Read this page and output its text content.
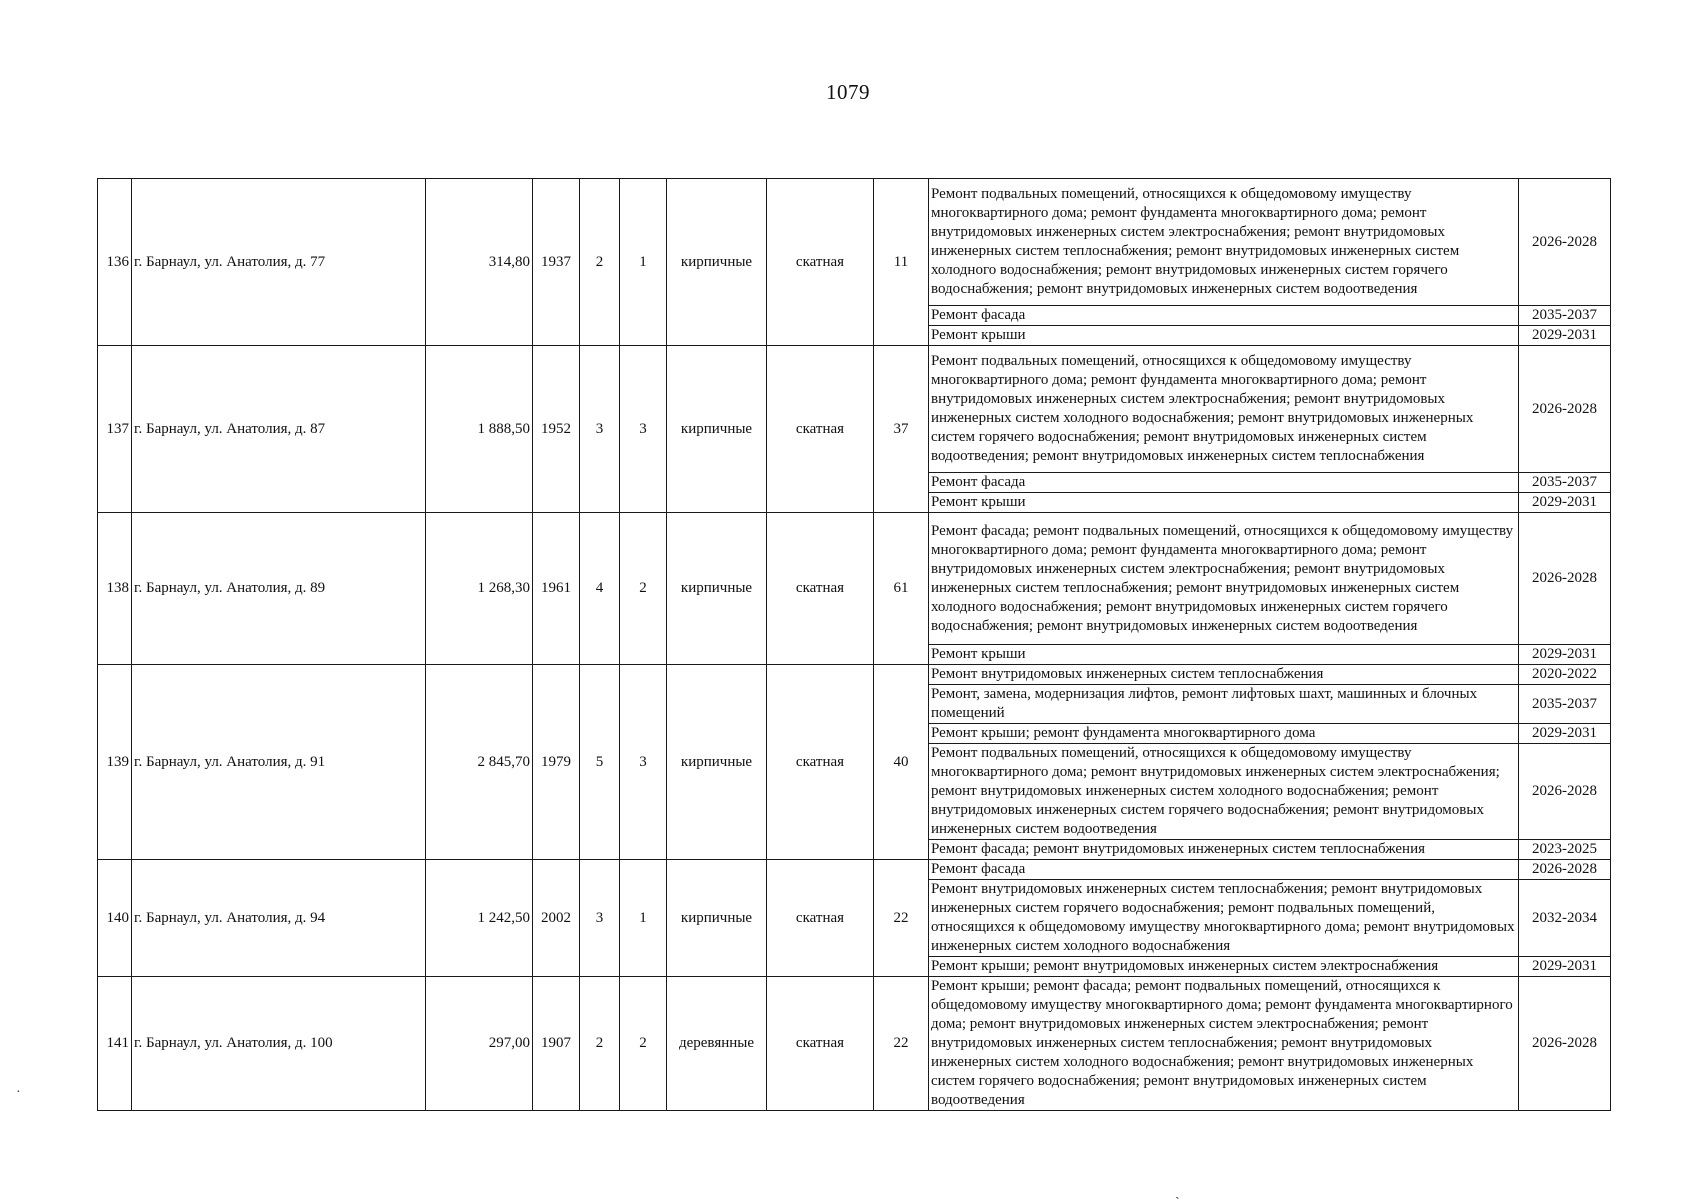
1079
136	г. Барнаул, ул. Анатолия, д. 77	314,80	1937	2	1	кирпичные	скатная	11	Ремонт подвальных помещений, относящихся к общедомовому имуществу многоквартирного дома; ремонт фундамента многоквартирного дома; ремонт внутридомовых инженерных систем электроснабжения; ремонт внутридомовых инженерных систем теплоснабжения; ремонт внутридомовых инженерных систем холодного водоснабжения; ремонт внутридомовых инженерных систем горячего водоснабжения; ремонт внутридомовых инженерных систем водоотведения	2026-2028
									Ремонт фасада	2035-2037
									Ремонт крыши	2029-2031
137	г. Барнаул, ул. Анатолия, д. 87	1 888,50	1952	3	3	кирпичные	скатная	37	Ремонт подвальных помещений, относящихся к общедомовому имуществу многоквартирного дома; ремонт фундамента многоквартирного дома; ремонт внутридомовых инженерных систем электроснабжения; ремонт внутридомовых инженерных систем холодного водоснабжения; ремонт внутридомовых инженерных систем горячего водоснабжения; ремонт внутридомовых инженерных систем водоотведения; ремонт внутридомовых инженерных систем теплоснабжения	2026-2028
									Ремонт фасада	2035-2037
									Ремонт крыши	2029-2031
138	г. Барнаул, ул. Анатолия, д. 89	1 268,30	1961	4	2	кирпичные	скатная	61	Ремонт фасада; ремонт подвальных помещений, относящихся к общедомовому имуществу многоквартирного дома; ремонт фундамента многоквартирного дома; ремонт внутридомовых инженерных систем электроснабжения; ремонт внутридомовых инженерных систем теплоснабжения; ремонт внутридомовых инженерных систем холодного водоснабжения; ремонт внутридомовых инженерных систем горячего водоснабжения; ремонт внутридомовых инженерных систем водоотведения	2026-2028
									Ремонт крыши	2029-2031
139	г. Барнаул, ул. Анатолия, д. 91	2 845,70	1979	5	3	кирпичные	скатная	40	Ремонт внутридомовых инженерных систем теплоснабжения	2020-2022
									Ремонт, замена, модернизация лифтов, ремонт лифтовых шахт, машинных и блочных помещений	2035-2037
									Ремонт крыши; ремонт фундамента многоквартирного дома	2029-2031
									Ремонт подвальных помещений, относящихся к общедомовому имуществу многоквартирного дома; ремонт внутридомовых инженерных систем электроснабжения; ремонт внутридомовых инженерных систем холодного водоснабжения; ремонт внутридомовых инженерных систем горячего водоснабжения; ремонт внутридомовых инженерных систем водоотведения	2026-2028
									Ремонт фасада; ремонт внутридомовых инженерных систем теплоснабжения	2023-2025
140	г. Барнаул, ул. Анатолия, д. 94	1 242,50	2002	3	1	кирпичные	скатная	22	Ремонт фасада	2026-2028
									Ремонт внутридомовых инженерных систем теплоснабжения; ремонт внутридомовых инженерных систем горячего водоснабжения; ремонт подвальных помещений, относящихся к общедомовому имуществу многоквартирного дома; ремонт внутридомовых инженерных систем холодного водоснабжения	2032-2034
									Ремонт крыши; ремонт внутридомовых инженерных систем электроснабжения	2029-2031
141	г. Барнаул, ул. Анатолия, д. 100	297,00	1907	2	2	деревянные	скатная	22	Ремонт крыши; ремонт фасада; ремонт подвальных помещений, относящихся к общедомовому имуществу многоквартирного дома; ремонт фундамента многоквартирного дома; ремонт внутридомовых инженерных систем электроснабжения; ремонт внутридомовых инженерных систем теплоснабжения; ремонт внутридомовых инженерных систем холодного водоснабжения; ремонт внутридомовых инженерных систем горячего водоснабжения; ремонт внутридомовых инженерных систем водоотведения	2026-2028
·
ˏ
